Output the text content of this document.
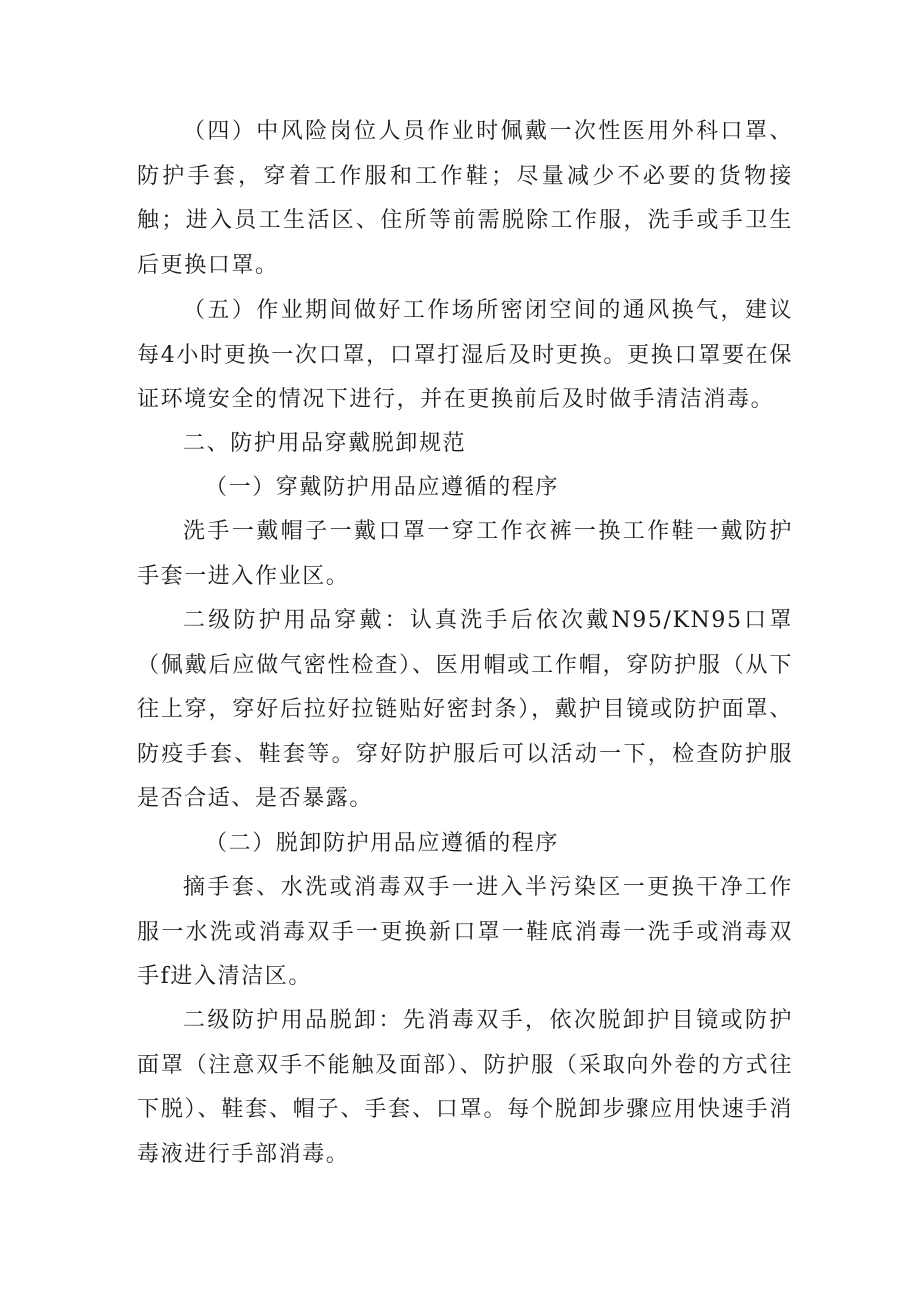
（四）中风险岗位人员作业时佩戴一次性医用外科口罩、防护手套，穿着工作服和工作鞋；尽量减少不必要的货物接触；进入员工生活区、住所等前需脱除工作服，洗手或手卫生后更换口罩。

（五）作业期间做好工作场所密闭空间的通风换气，建议每4小时更换一次口罩，口罩打湿后及时更换。更换口罩要在保证环境安全的情况下进行，并在更换前后及时做手清洁消毒。

二、防护用品穿戴脱卸规范

（一）穿戴防护用品应遵循的程序

洗手一戴帽子一戴口罩一穿工作衣裤一换工作鞋一戴防护手套一进入作业区。

二级防护用品穿戴：认真洗手后依次戴N95/KN95口罩（佩戴后应做气密性检查）、医用帽或工作帽，穿防护服（从下往上穿，穿好后拉好拉链贴好密封条），戴护目镜或防护面罩、防疫手套、鞋套等。穿好防护服后可以活动一下，检查防护服是否合适、是否暴露。

（二）脱卸防护用品应遵循的程序

摘手套、水洗或消毒双手一进入半污染区一更换干净工作服一水洗或消毒双手一更换新口罩一鞋底消毒一洗手或消毒双手f进入清洁区。

二级防护用品脱卸：先消毒双手，依次脱卸护目镜或防护面罩（注意双手不能触及面部）、防护服（采取向外卷的方式往下脱）、鞋套、帽子、手套、口罩。每个脱卸步骤应用快速手消毒液进行手部消毒。
